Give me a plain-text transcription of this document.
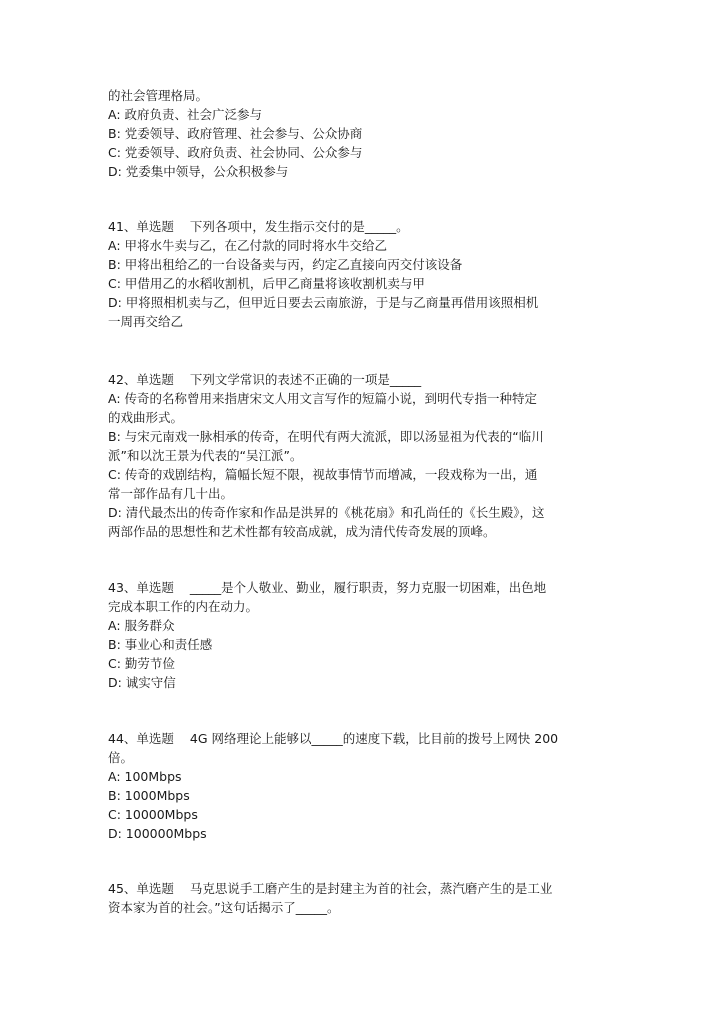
的社会管理格局。
A: 政府负责、社会广泛参与
B: 党委领导、政府管理、社会参与、公众协商
C: 党委领导、政府负责、社会协同、公众参与
D: 党委集中领导，公众积极参与
41、单选题 下列各项中，发生指示交付的是_____。
A: 甲将水牛卖与乙，在乙付款的同时将水牛交给乙
B: 甲将出租给乙的一台设备卖与丙，约定乙直接向丙交付该设备
C: 甲借用乙的水稻收割机，后甲乙商量将该收割机卖与甲
D: 甲将照相机卖与乙，但甲近日要去云南旅游，于是与乙商量再借用该照相机
一周再交给乙
42、单选题 下列文学常识的表述不正确的一项是_____
A: 传奇的名称曾用来指唐宋文人用文言写作的短篇小说，到明代专指一种特定
的戏曲形式。
B: 与宋元南戏一脉相承的传奇，在明代有两大流派，即以汤显祖为代表的“临川
派”和以沈王景为代表的“吴江派”。
C: 传奇的戏剧结构，篇幅长短不限，视故事情节而增减，一段戏称为一出，通
常一部作品有几十出。
D: 清代最杰出的传奇作家和作品是洪昇的《桃花扇》和孔尚任的《长生殿》，这
两部作品的思想性和艺术性都有较高成就，成为清代传奇发展的顶峰。
43、单选题 _____是个人敬业、勤业，履行职责，努力克服一切困难，出色地
完成本职工作的内在动力。
A: 服务群众
B: 事业心和责任感
C: 勤劳节俭
D: 诚实守信
44、单选题 4G 网络理论上能够以_____的速度下载，比目前的拨号上网快 200
倍。
A: 100Mbps
B: 1000Mbps
C: 10000Mbps
D: 100000Mbps
45、单选题 马克思说手工磨产生的是封建主为首的社会，蒸汽磨产生的是工业
资本家为首的社会。”这句话揭示了_____。
